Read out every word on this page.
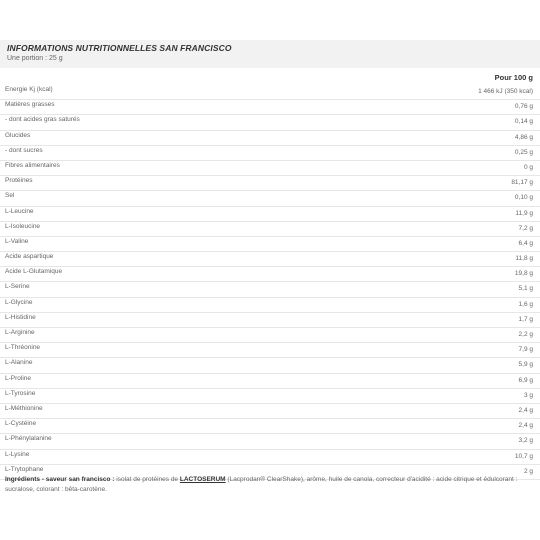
INFORMATIONS NUTRITIONNELLES SAN FRANCISCO
Une portion : 25 g
Pour 100 g
Energie Kj (kcal)	1 466 kJ (350 kcal)
Matières grasses	0,76 g
- dont acides gras saturés	0,14 g
Glucides	4,86 g
- dont sucres	0,25 g
Fibres alimentaires	0 g
Protéines	81,17 g
Sel	0,10 g
L-Leucine	11,9 g
L-Isoleucine	7,2 g
L-Valine	6,4 g
Acide aspartique	11,8 g
Acide L-Glutamique	19,8 g
L-Serine	5,1 g
L-Glycine	1,6 g
L-Histidine	1,7 g
L-Arginine	2,2 g
L-Thréonine	7,9 g
L-Alanine	5,9 g
L-Proline	6,9 g
L-Tyrosine	3 g
L-Méthionine	2,4 g
L-Cystéine	2,4 g
L-Phénylalanine	3,2 g
L-Lysine	10,7 g
L-Trytophane	2 g
Ingrédients - saveur san francisco : isolat de protéines de LACTOSERUM (Lacprodan® ClearShake), arôme, huile de canola, correcteur d'acidité : acide citrique et édulcorant : sucralose, colorant : bêta-carotène.
